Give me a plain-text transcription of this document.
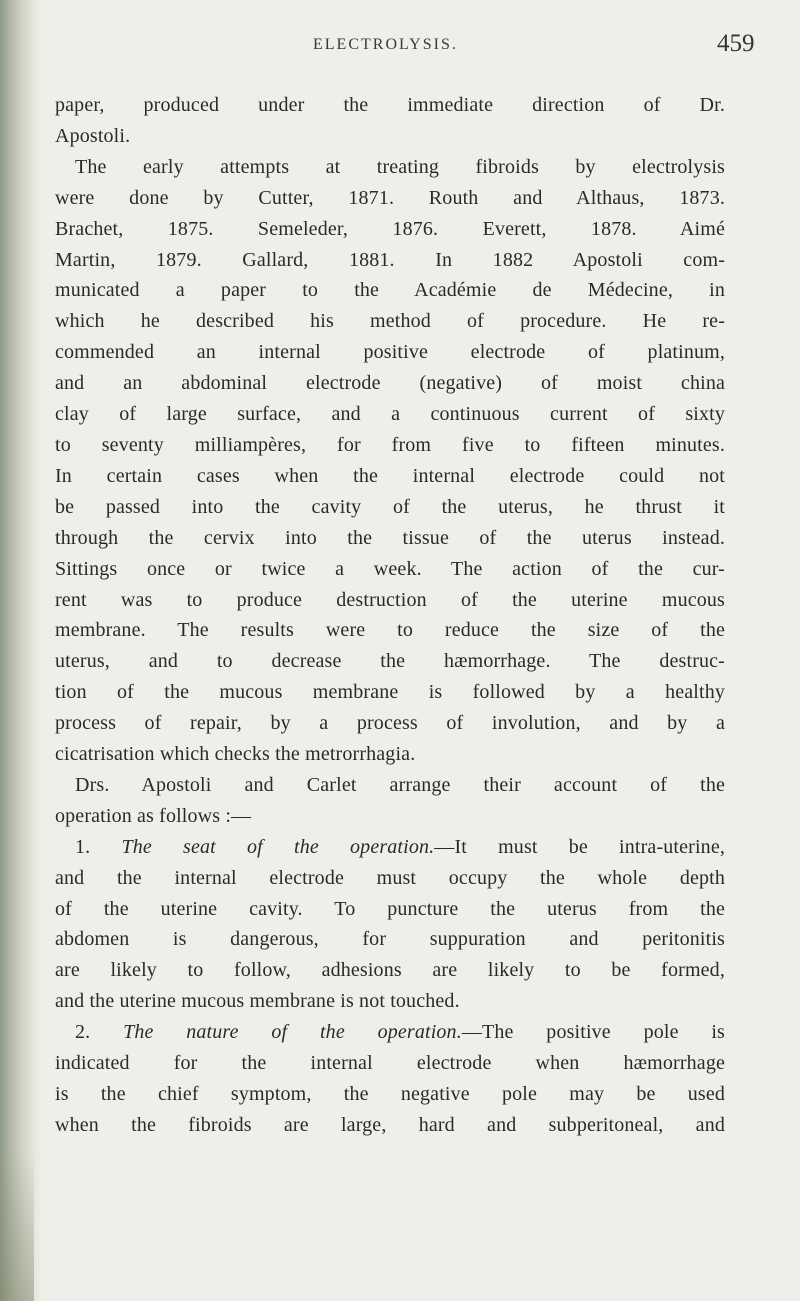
ELECTROLYSIS.	459

paper, produced under the immediate direction of Dr.
Apostoli.

The early attempts at treating fibroids by electrolysis
were done by Cutter, 1871. Routh and Althaus, 1873.
Brachet, 1875. Semeleder, 1876. Everett, 1878. Aimé
Martin, 1879. Gallard, 1881. In 1882 Apostoli com-
municated a paper to the Académie de Médecine, in
which he described his method of procedure. He re-
commended an internal positive electrode of platinum,
and an abdominal electrode (negative) of moist china
clay of large surface, and a continuous current of sixty
to seventy milliampères, for from five to fifteen minutes.
In certain cases when the internal electrode could not
be passed into the cavity of the uterus, he thrust it
through the cervix into the tissue of the uterus instead.
Sittings once or twice a week. The action of the cur-
rent was to produce destruction of the uterine mucous
membrane. The results were to reduce the size of the
uterus, and to decrease the hæmorrhage. The destruc-
tion of the mucous membrane is followed by a healthy
process of repair, by a process of involution, and by a
cicatrisation which checks the metrorrhagia.

Drs. Apostoli and Carlet arrange their account of the
operation as follows :—

1. The seat of the operation.—It must be intra-uterine,
and the internal electrode must occupy the whole depth
of the uterine cavity. To puncture the uterus from the
abdomen is dangerous, for suppuration and peritonitis
are likely to follow, adhesions are likely to be formed,
and the uterine mucous membrane is not touched.

2. The nature of the operation.—The positive pole is
indicated for the internal electrode when hæmorrhage
is the chief symptom, the negative pole may be used
when the fibroids are large, hard and subperitoneal, and
